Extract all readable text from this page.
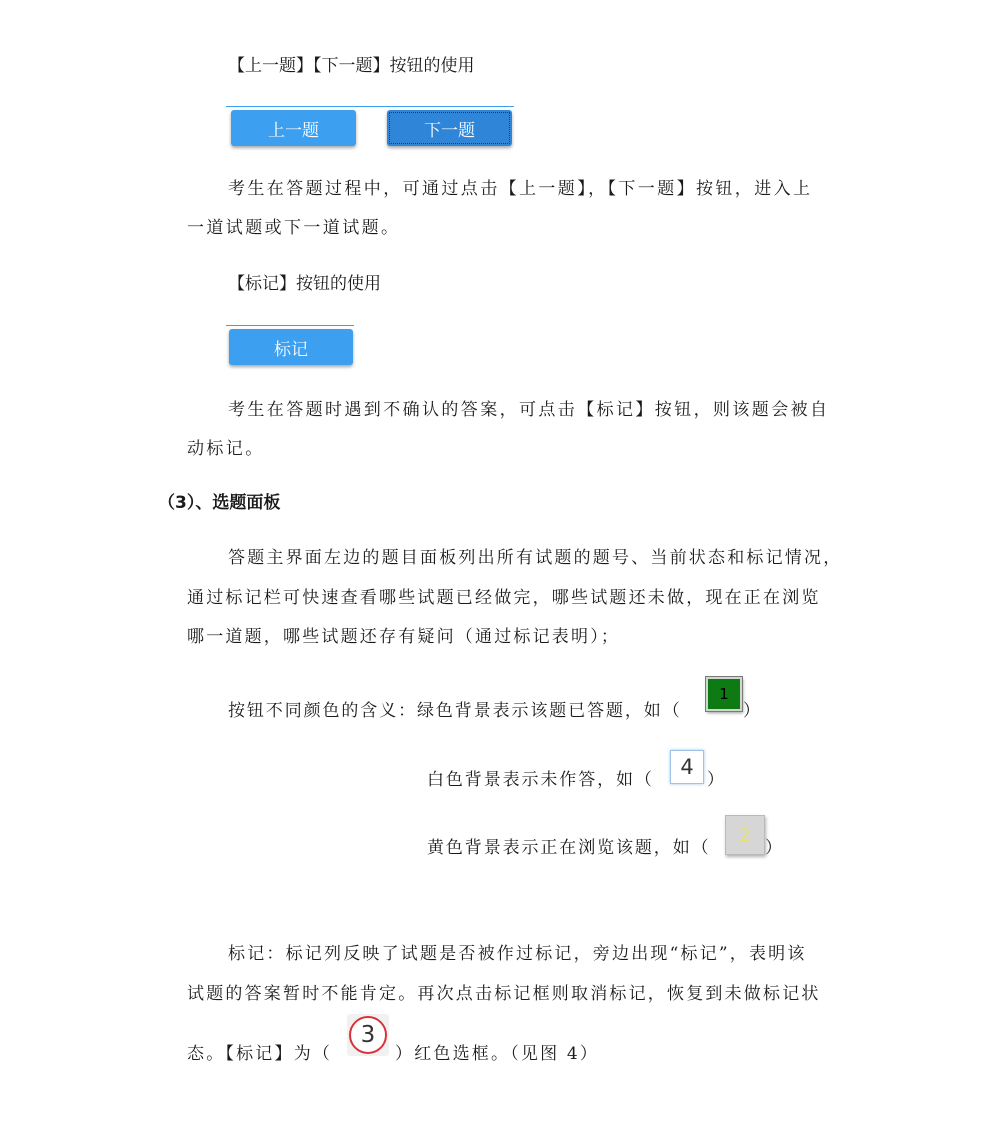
【上一题】【下一题】按钮的使用
上一题	下一题
考生在答题过程中，可通过点击【上一题】，【下一题】按钮，进入上
一道试题或下一道试题。
【标记】按钮的使用
标记
考生在答题时遇到不确认的答案，可点击【标记】按钮，则该题会被自
动标记。
（3）、选题面板
答题主界面左边的题目面板列出所有试题的题号、当前状态和标记情况，
通过标记栏可快速查看哪些试题已经做完，哪些试题还未做，现在正在浏览
哪一道题，哪些试题还存有疑问（通过标记表明）；
按钮不同颜色的含义：绿色背景表示该题已答题，如（
1
）
白色背景表示未作答，如（
4
）
黄色背景表示正在浏览该题，如（
2
）
标记：标记列反映了试题是否被作过标记，旁边出现“标记”，表明该
试题的答案暂时不能肯定。再次点击标记框则取消标记，恢复到未做标记状
态。【标记】为（
3
）红色选框。（见图 4）
